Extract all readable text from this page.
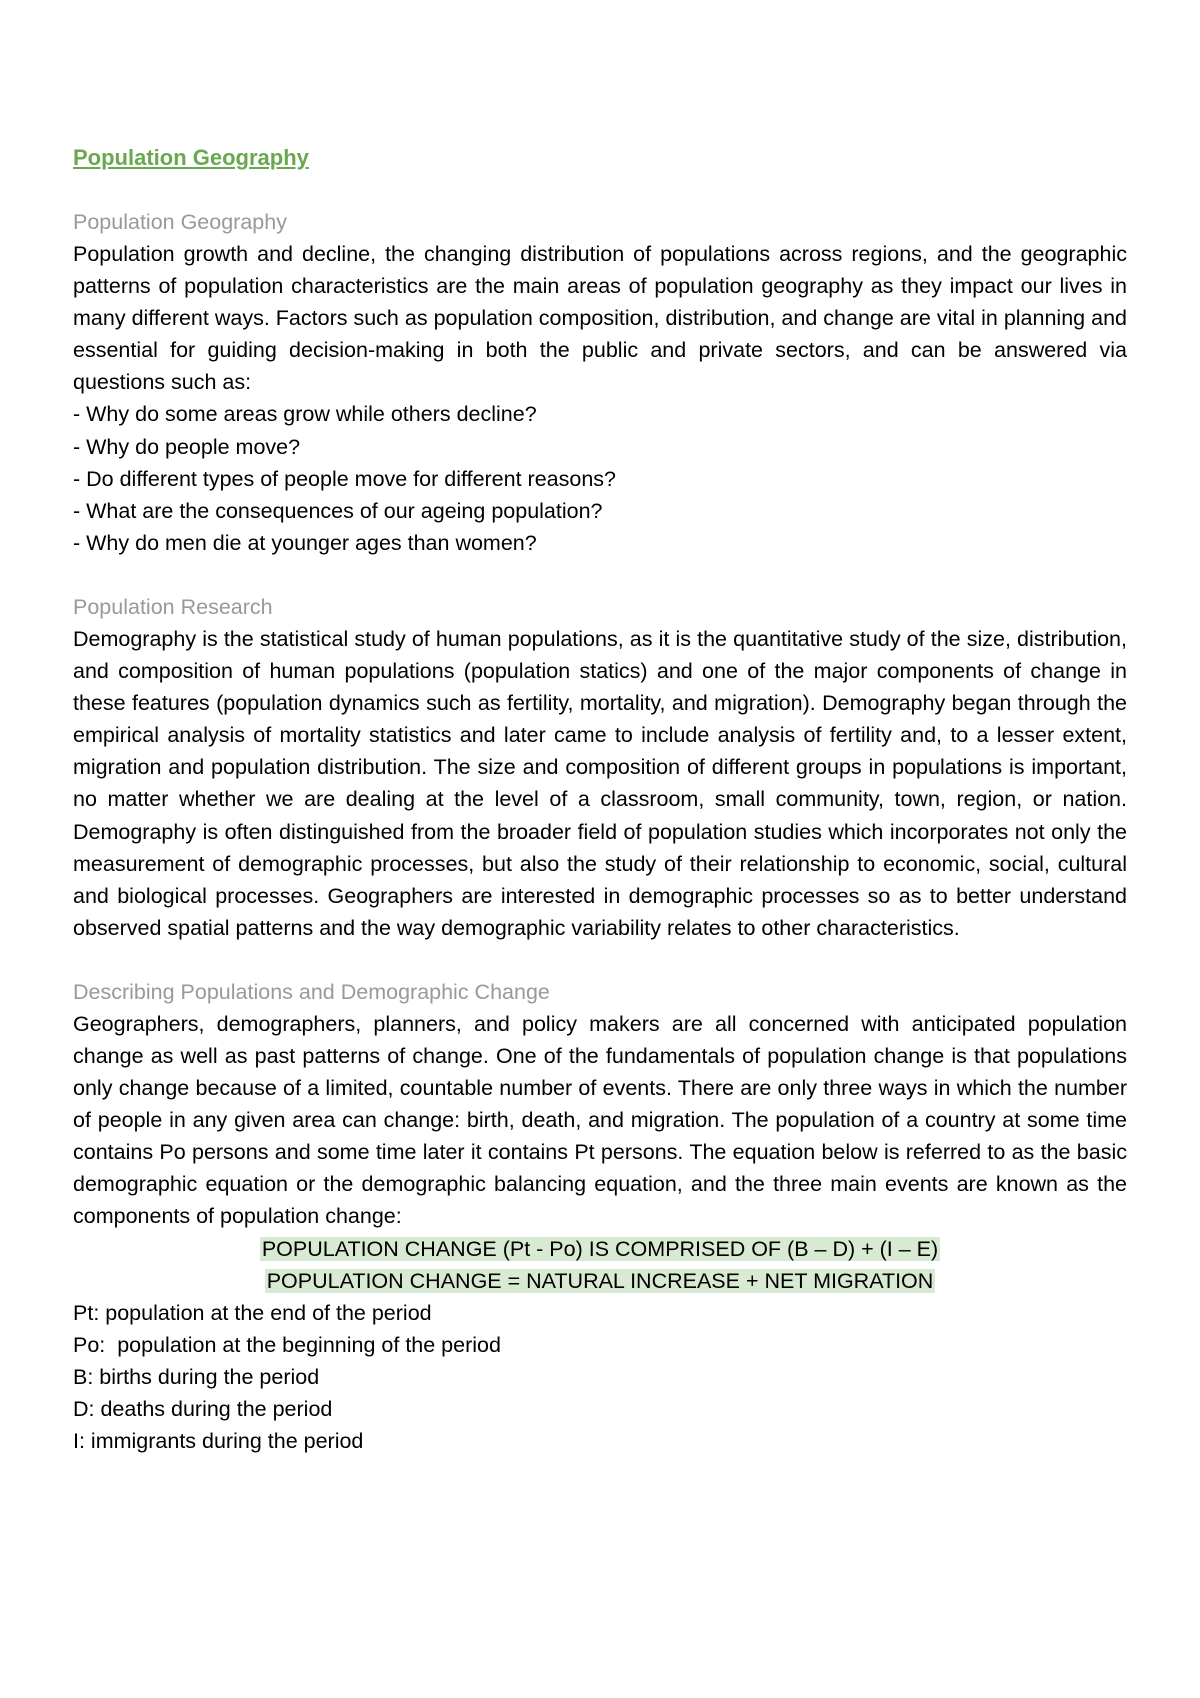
Population Geography
Population Geography

Population growth and decline, the changing distribution of populations across regions, and the geographic patterns of population characteristics are the main areas of population geography as they impact our lives in many different ways. Factors such as population composition, distribution, and change are vital in planning and essential for guiding decision-making in both the public and private sectors, and can be answered via questions such as:

- Why do some areas grow while others decline?
- Why do people move?
- Do different types of people move for different reasons?
- What are the consequences of our ageing population?
- Why do men die at younger ages than women?
Population Research

Demography is the statistical study of human populations, as it is the quantitative study of the size, distribution, and composition of human populations (population statics) and one of the major components of change in these features (population dynamics such as fertility, mortality, and migration). Demography began through the empirical analysis of mortality statistics and later came to include analysis of fertility and, to a lesser extent, migration and population distribution. The size and composition of different groups in populations is important, no matter whether we are dealing at the level of a classroom, small community, town, region, or nation. Demography is often distinguished from the broader field of population studies which incorporates not only the measurement of demographic processes, but also the study of their relationship to economic, social, cultural and biological processes. Geographers are interested in demographic processes so as to better understand observed spatial patterns and the way demographic variability relates to other characteristics.

Describing Populations and Demographic Change

Geographers, demographers, planners, and policy makers are all concerned with anticipated population change as well as past patterns of change. One of the fundamentals of population change is that populations only change because of a limited, countable number of events. There are only three ways in which the number of people in any given area can change: birth, death, and migration. The population of a country at some time contains Po persons and some time later it contains Pt persons. The equation below is referred to as the basic demographic equation or the demographic balancing equation, and the three main events are known as the components of population change:

POPULATION CHANGE (Pt - Po) IS COMPRISED OF (B – D) + (I – E)

POPULATION CHANGE = NATURAL INCREASE + NET MIGRATION

Pt: population at the end of the period
Po:  population at the beginning of the period
B: births during the period
D: deaths during the period
I: immigrants during the period
